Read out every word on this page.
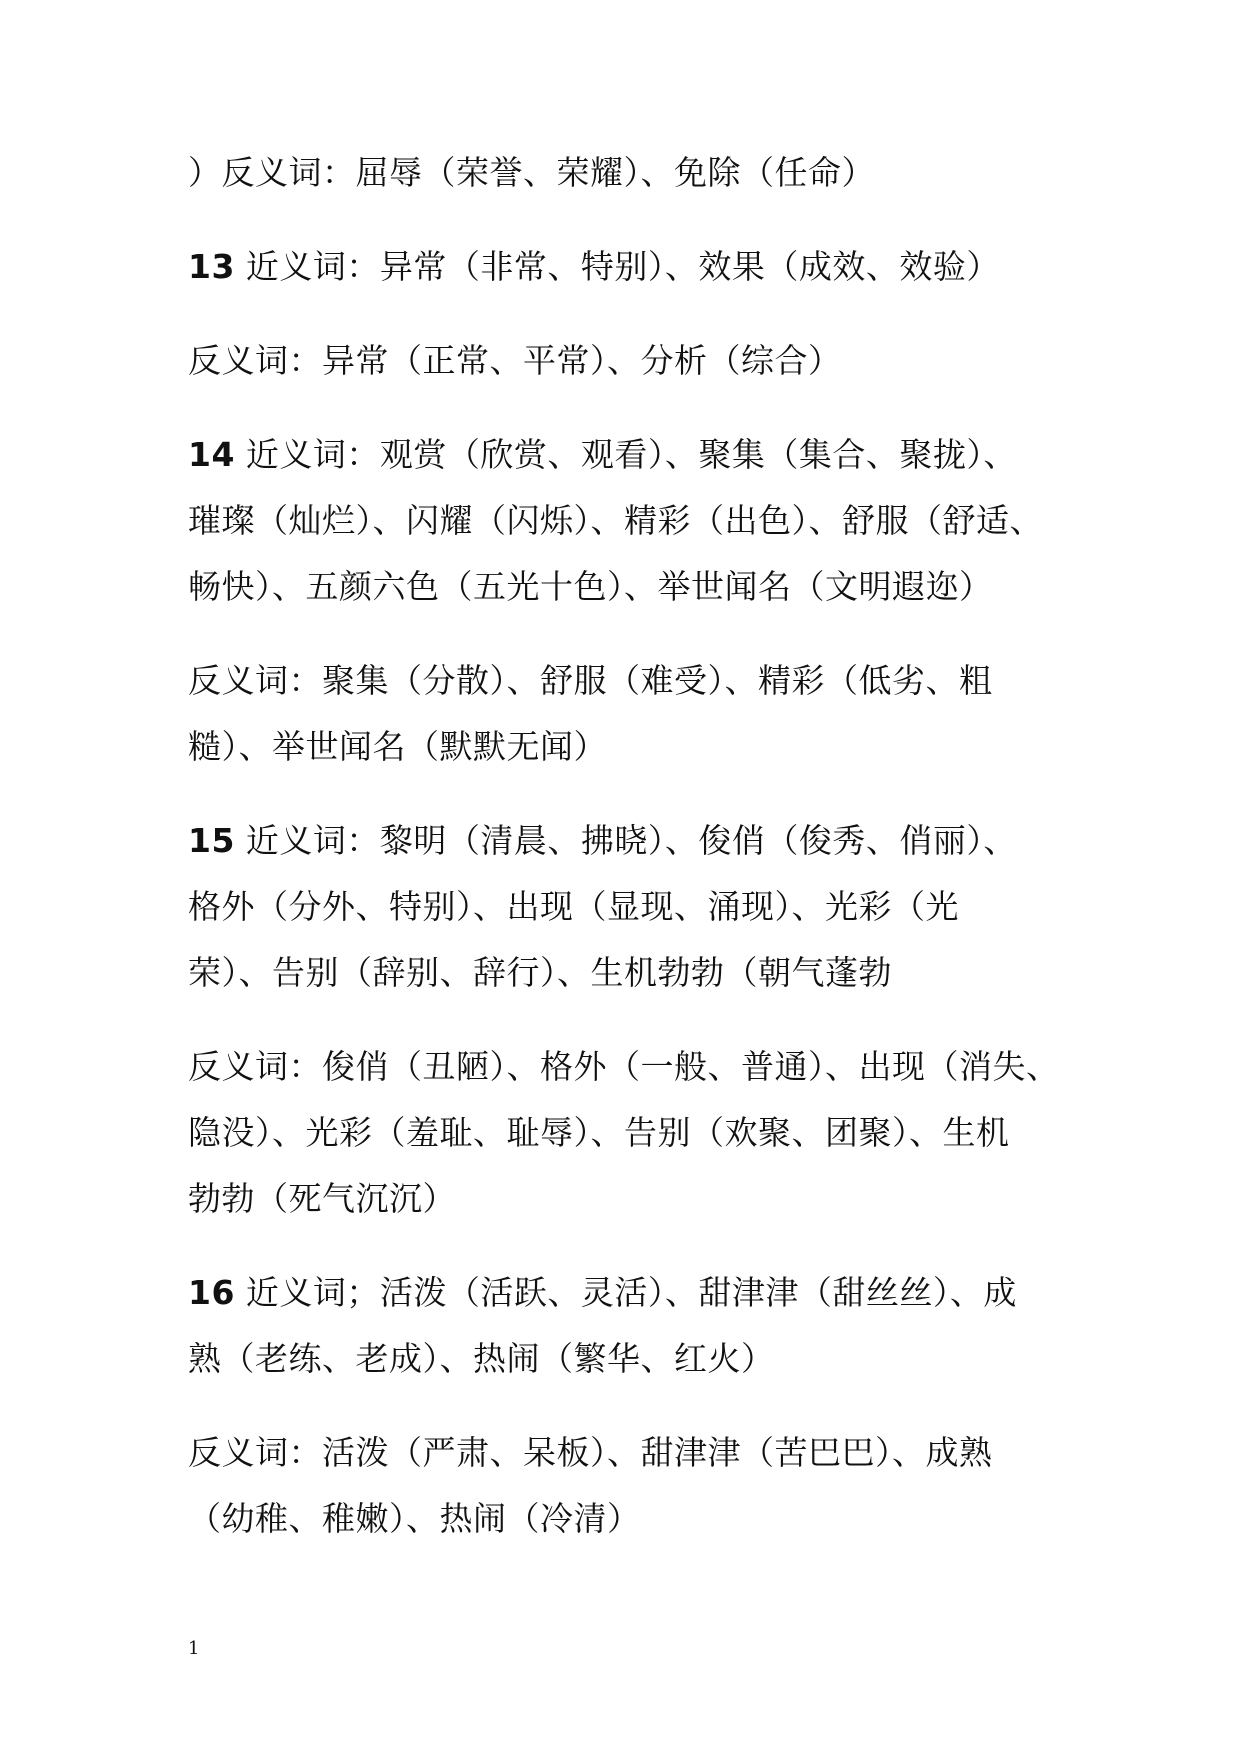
）反义词：屈辱（荣誉、荣耀）、免除（任命）

13 近义词：异常（非常、特别）、效果（成效、效验）

反义词：异常（正常、平常）、分析（综合）

14 近义词：观赏（欣赏、观看）、聚集（集合、聚拢）、
璀璨（灿烂）、闪耀（闪烁）、精彩（出色）、舒服（舒适、
畅快）、五颜六色（五光十色）、举世闻名（文明遐迩）

反义词：聚集（分散）、舒服（难受）、精彩（低劣、粗
糙）、举世闻名（默默无闻）

15 近义词：黎明（清晨、拂晓）、俊俏（俊秀、俏丽）、
格外（分外、特别）、出现（显现、涌现）、光彩（光
荣）、告别（辞别、辞行）、生机勃勃（朝气蓬勃

反义词：俊俏（丑陋）、格外（一般、普通）、出现（消失、
隐没）、光彩（羞耻、耻辱）、告别（欢聚、团聚）、生机
勃勃（死气沉沉）

16 近义词；活泼（活跃、灵活）、甜津津（甜丝丝）、成
熟（老练、老成）、热闹（繁华、红火）

反义词：活泼（严肃、呆板）、甜津津（苦巴巴）、成熟
（幼稚、稚嫩）、热闹（冷清）

1
